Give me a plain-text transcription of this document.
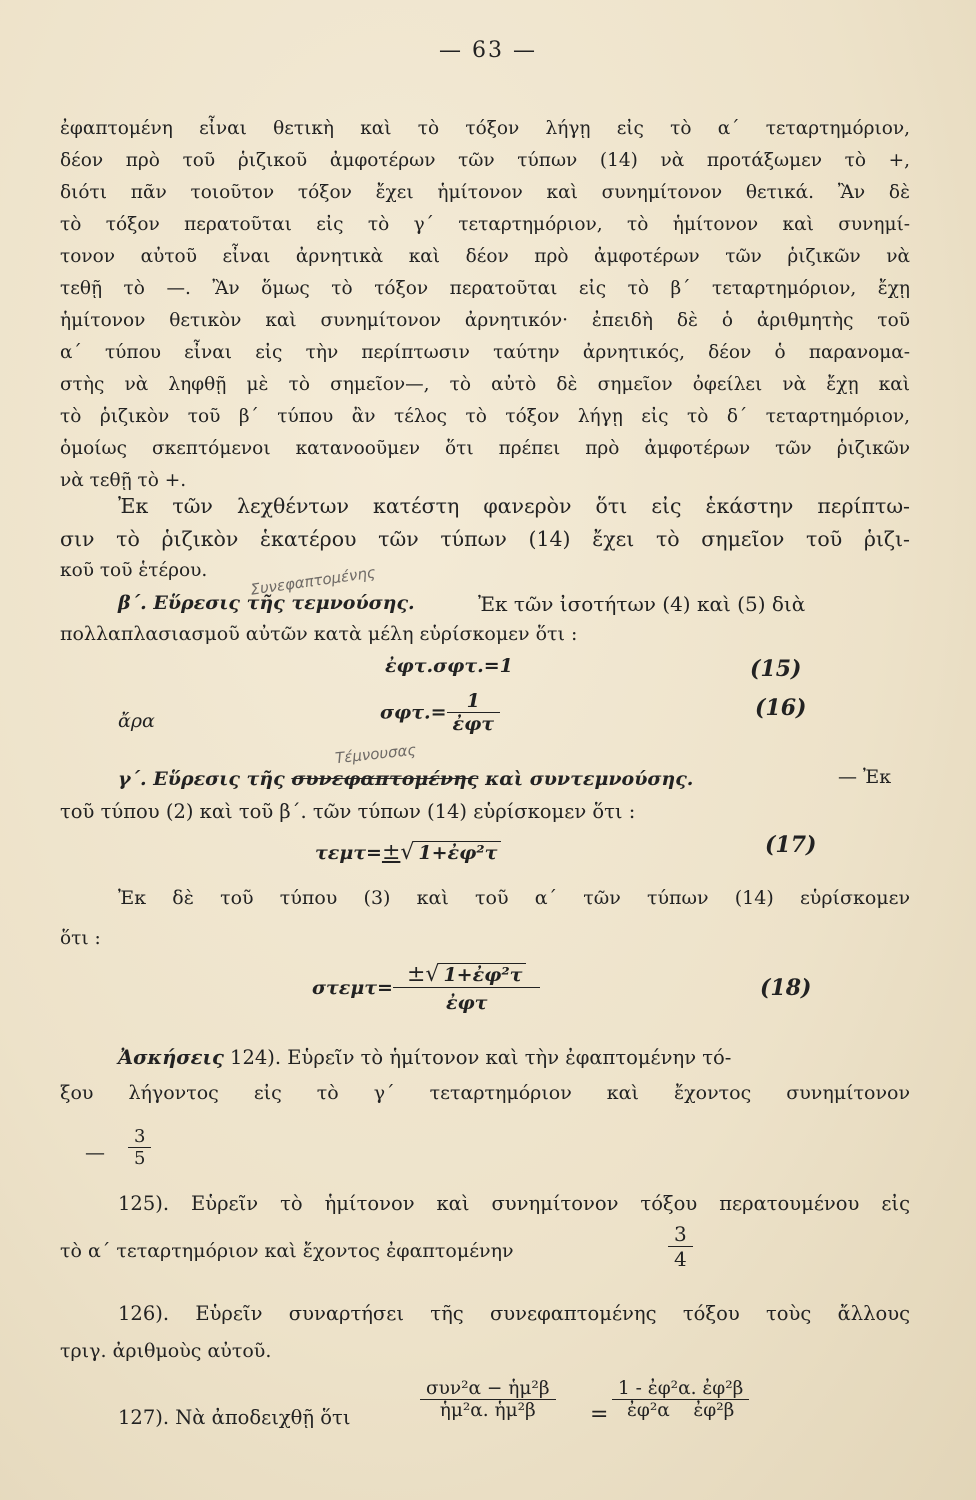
— 63 —
ἐφαπτομένη εἶναι θετικὴ καὶ τὸ τόξον λήγῃ εἰς τὸ α΄ τεταρτημόριον,
δέον πρὸ τοῦ ῥιζικοῦ ἀμφοτέρων τῶν τύπων (14) νὰ προτάξωμεν τὸ +,
διότι πᾶν τοιοῦτον τόξον ἔχει ἡμίτονον καὶ συνημίτονον θετικά. Ἂν δὲ
τὸ τόξον περατοῦται εἰς τὸ γ΄ τεταρτημόριον, τὸ ἡμίτονον καὶ συνημί-
τονον αὐτοῦ εἶναι ἀρνητικὰ καὶ δέον πρὸ ἀμφοτέρων τῶν ῥιζικῶν νὰ
τεθῇ τὸ —. Ἂν ὅμως τὸ τόξον περατοῦται εἰς τὸ β΄ τεταρτημόριον, ἔχῃ
ἡμίτονον θετικὸν καὶ συνημίτονον ἀρνητικόν· ἐπειδὴ δὲ ὁ ἀριθμητὴς τοῦ
α΄ τύπου εἶναι εἰς τὴν περίπτωσιν ταύτην ἀρνητικός, δέον ὁ παρανομα-
στὴς νὰ ληφθῇ μὲ τὸ σημεῖον—, τὸ αὐτὸ δὲ σημεῖον ὀφείλει νὰ ἔχῃ καὶ
τὸ ῥιζικὸν τοῦ β΄ τύπου ἂν τέλος τὸ τόξον λήγῃ εἰς τὸ δ΄ τεταρτημόριον,
ὁμοίως σκεπτόμενοι κατανοοῦμεν ὅτι πρέπει πρὸ ἀμφοτέρων τῶν ῥιζικῶν
νὰ τεθῇ τὸ +.
Ἐκ τῶν λεχθέντων κατέστη φανερὸν ὅτι εἰς ἑκάστην περίπτω-
σιν τὸ ῥιζικὸν ἑκατέρου τῶν τύπων (14) ἔχει τὸ σημεῖον τοῦ ῥιζι-
κοῦ τοῦ ἑτέρου.	Συνεφαπτομένης
β΄. Εὕρεσις τῆς τεμνούσης.	Ἐκ τῶν ἰσοτήτων (4) καὶ (5) διὰ
πολλαπλασιασμοῦ αὐτῶν κατὰ μέλη εὑρίσκομεν ὅτι :
ἐφτ.σφτ.=1	(15)
ἄρα	$\sigma\varphi\tau.= \frac{1}{\text{ἐφτ}}$	(16)
Τέμνουσας
γ΄. Εὕρεσις τῆς συνεφαπτομένης καὶ συντεμνούσης.	— Ἐκ
τοῦ τύπου (2) καὶ τοῦ β΄. τῶν τύπων (14) εὑρίσκομεν ὅτι :
τεμτ=±√ 1+ἐφ²τ	(17)
Ἐκ δὲ τοῦ τύπου (3) καὶ τοῦ α΄ τῶν τύπων (14) εὑρίσκομεν
ὅτι :
$\sigma\tau\varepsilon\mu\tau= \frac{\text{±√ 1+ἐφ²τ}}{\text{ἐφτ}}$	(18)
Ἀσκήσεις 124). Εὑρεῖν τὸ ἡμίτονον καὶ τὴν ἐφαπτομένην τό-
ξου λήγοντος εἰς τὸ γ΄ τεταρτημόριον καὶ ἔχοντος συνημίτονον
— $\frac{3}{5}$
125). Εὑρεῖν τὸ ἡμίτονον καὶ συνημίτονον τόξου περατουμένου εἰς
τὸ α΄ τεταρτημόριον καὶ ἔχοντος ἐφαπτομένην	$\frac{3}{4}$
126). Εὑρεῖν συναρτήσει τῆς συνεφαπτομένης τόξου τοὺς ἄλλους
τριγ. ἀριθμοὺς αὐτοῦ.
127). Νὰ ἀποδειχθῇ ὅτι
συν²α − ἡμ²β
ἡμ²α. ἡμ²β	= $\frac{\text{1 - ἐφ²α. ἐφ²β}}{\text{ἐφ²α    ἐφ²β}}$
